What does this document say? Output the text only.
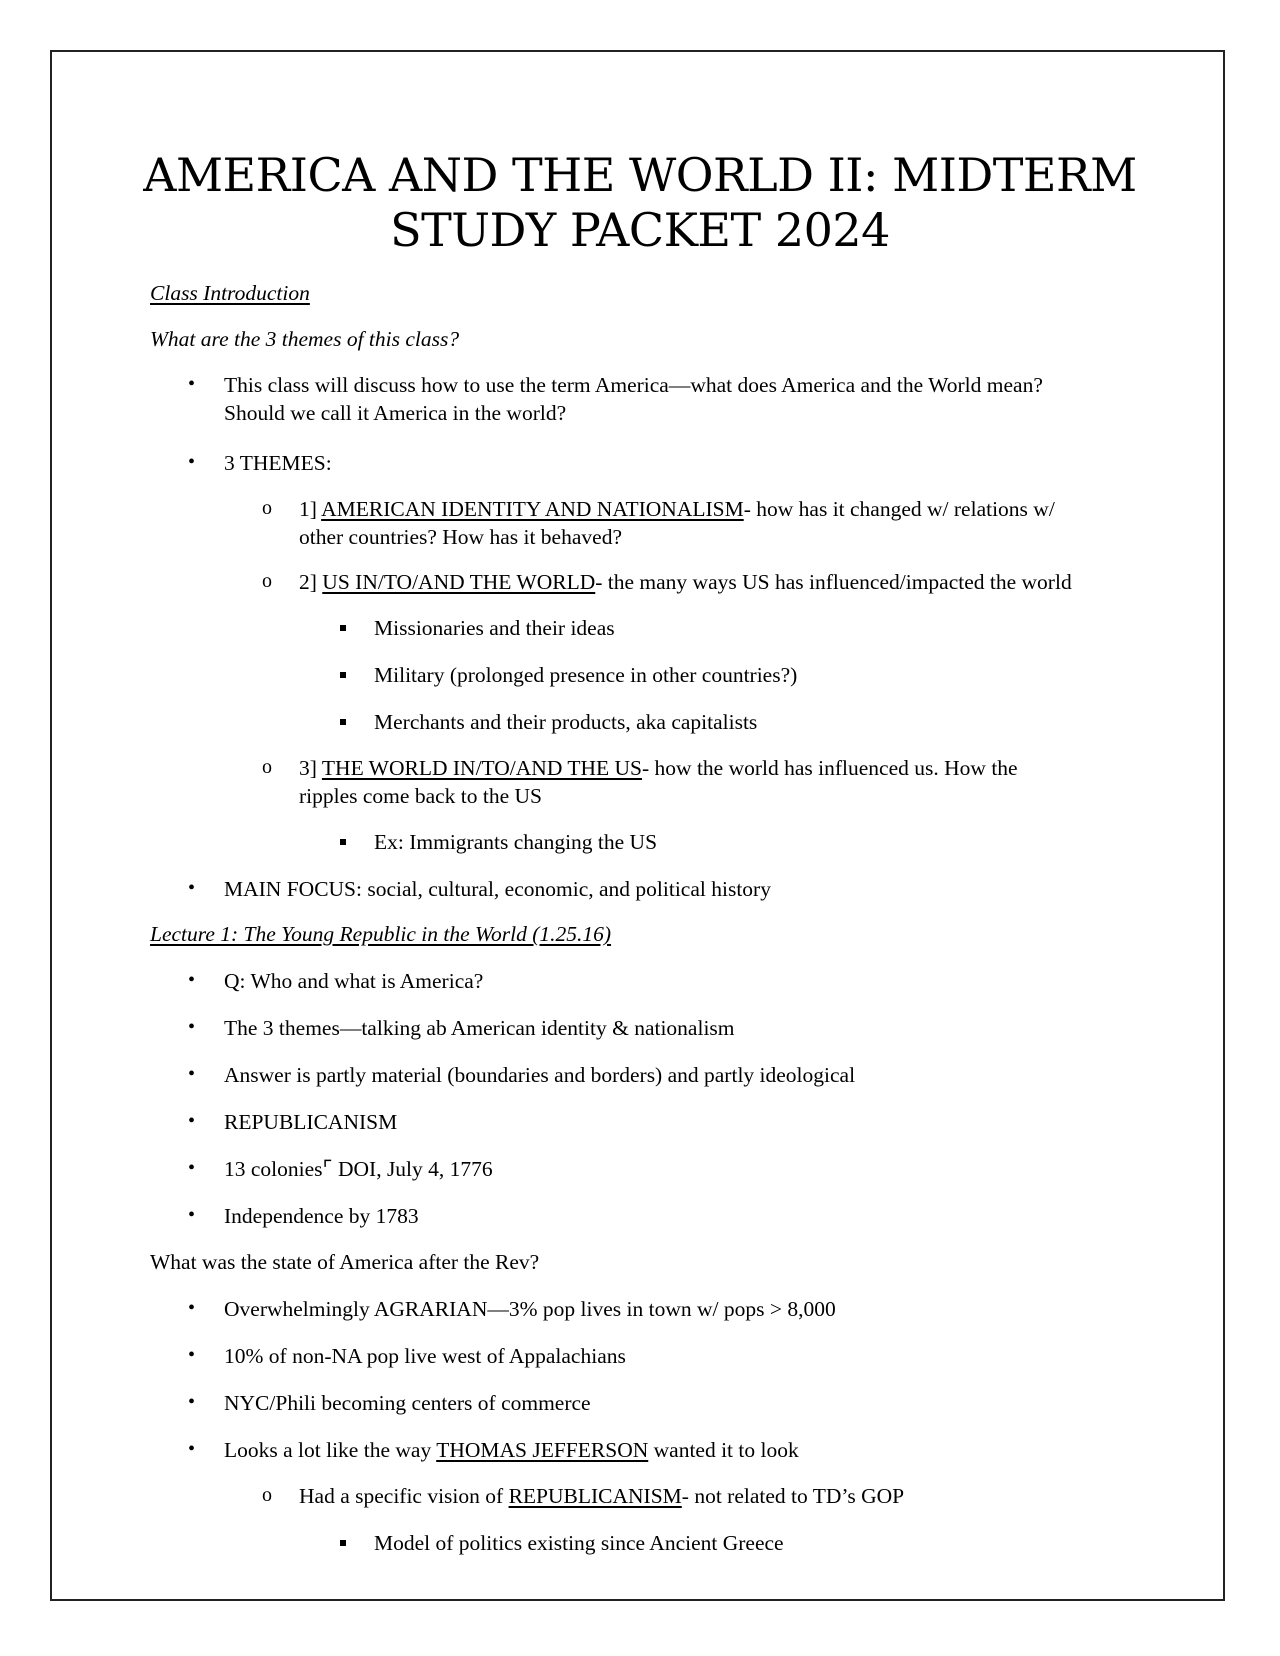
AMERICA AND THE WORLD II: MIDTERM
STUDY PACKET 2024
Class Introduction
What are the 3 themes of this class?
• This class will discuss how to use the term America—what does America and the World mean?
Should we call it America in the world?
• 3 THEMES:
o 1] AMERICAN IDENTITY AND NATIONALISM- how has it changed w/ relations w/
other countries? How has it behaved?
o 2] US IN/TO/AND THE WORLD- the many ways US has influenced/impacted the world
Missionaries and their ideas
Military (prolonged presence in other countries?)
Merchants and their products, aka capitalists
o 3] THE WORLD IN/TO/AND THE US- how the world has influenced us. How the
ripples come back to the US
Ex: Immigrants changing the US
• MAIN FOCUS: social, cultural, economic, and political history
Lecture 1: The Young Republic in the World (1.25.16)
• Q: Who and what is America?
• The 3 themes—talking ab American identity & nationalism
• Answer is partly material (boundaries and borders) and partly ideological
• REPUBLICANISM
• 13 colonies⌜ DOI, July 4, 1776
• Independence by 1783
What was the state of America after the Rev?
• Overwhelmingly AGRARIAN—3% pop lives in town w/ pops > 8,000
• 10% of non-NA pop live west of Appalachians
• NYC/Phili becoming centers of commerce
• Looks a lot like the way THOMAS JEFFERSON wanted it to look
o Had a specific vision of REPUBLICANISM- not related to TD’s GOP
Model of politics existing since Ancient Greece
